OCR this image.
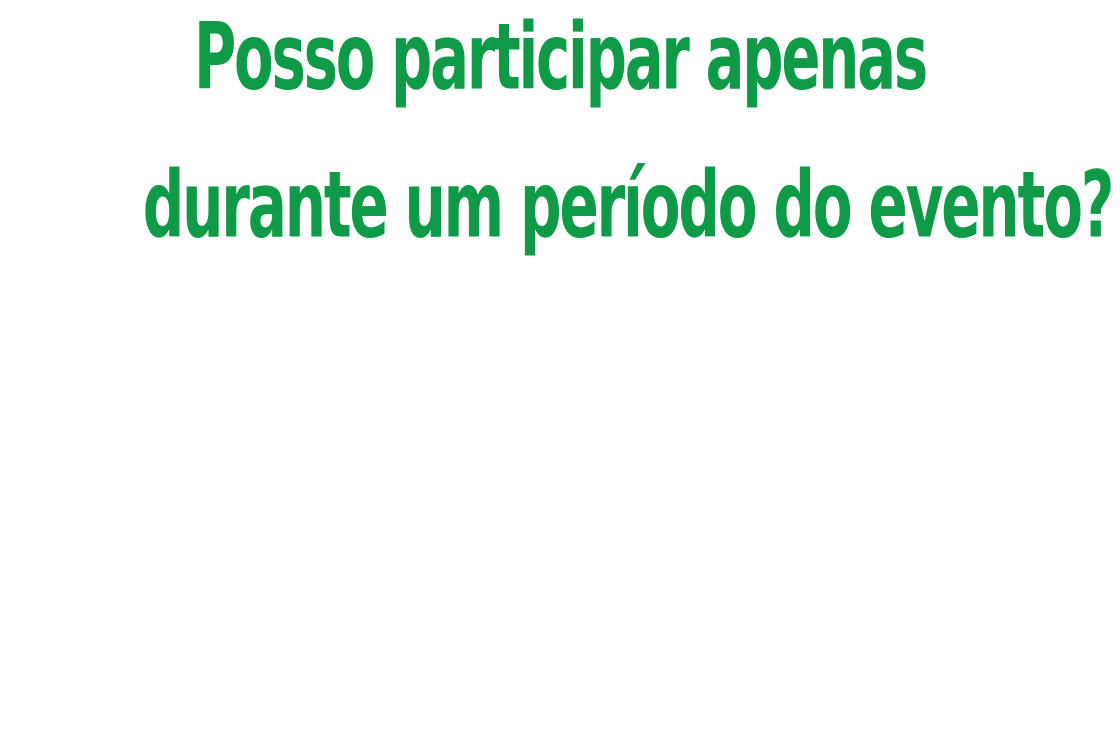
Posso participar apenas
durante um período do evento?
